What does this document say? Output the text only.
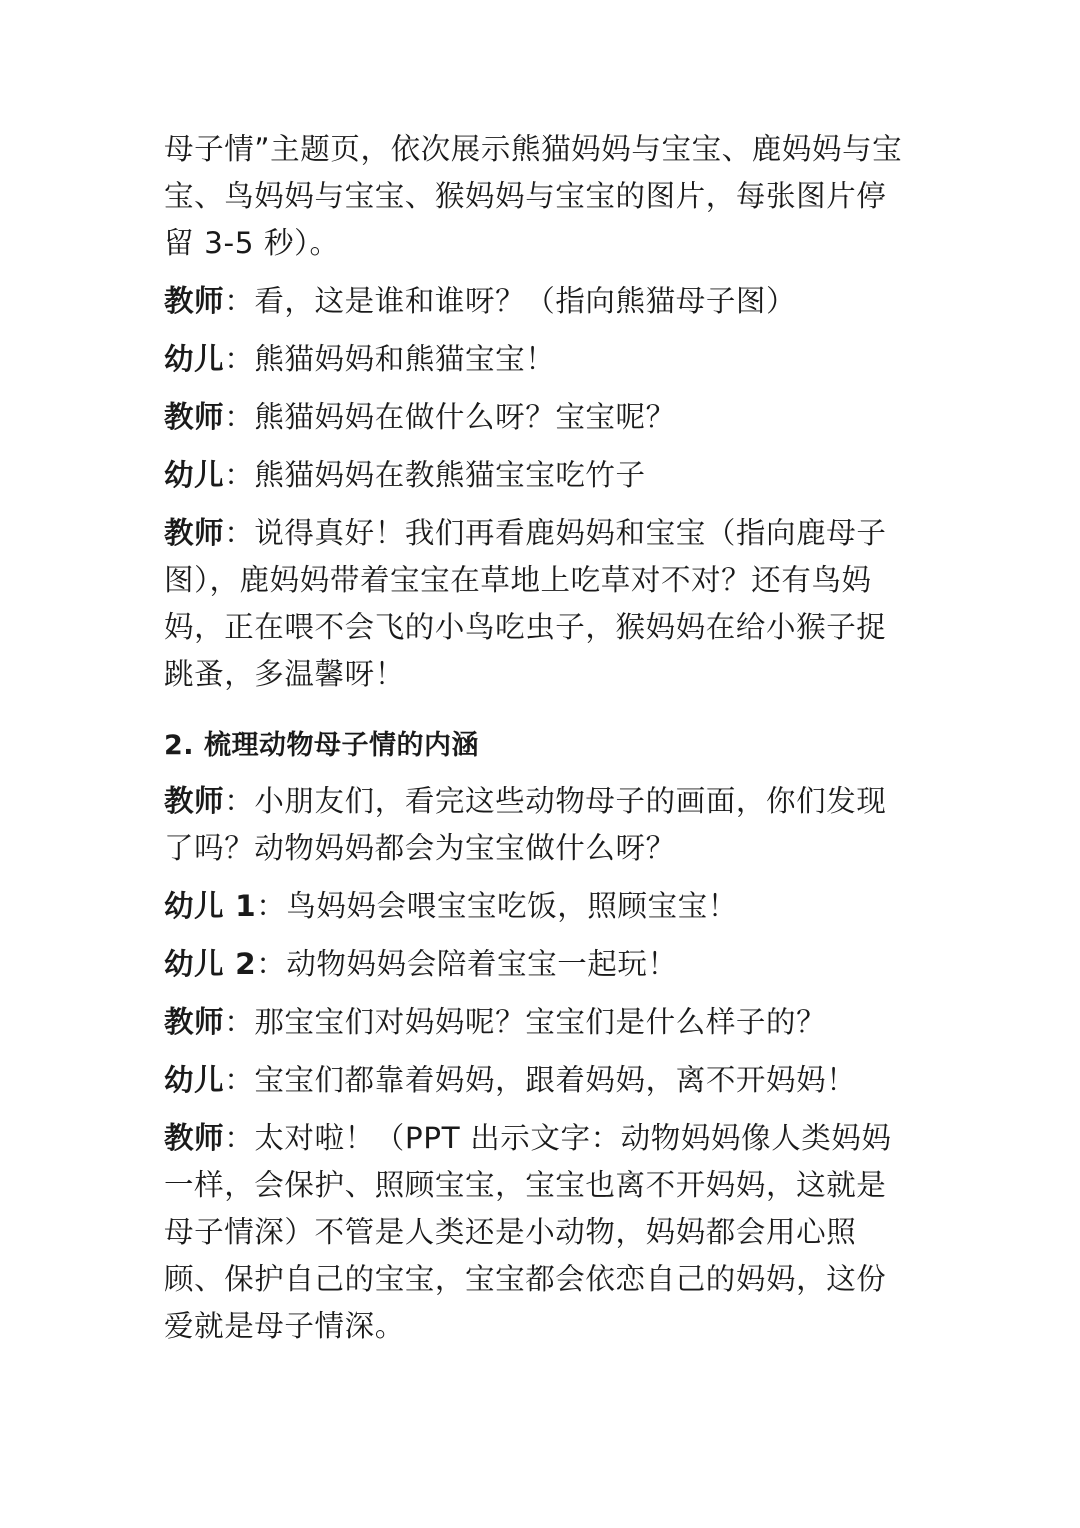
母子情”主题页，依次展示熊猫妈妈与宝宝、鹿妈妈与宝宝、鸟妈妈与宝宝、猴妈妈与宝宝的图片，每张图片停留 3-5 秒）。

教师：看，这是谁和谁呀？（指向熊猫母子图）

幼儿：熊猫妈妈和熊猫宝宝！

教师：熊猫妈妈在做什么呀？宝宝呢？

幼儿：熊猫妈妈在教熊猫宝宝吃竹子

教师：说得真好！我们再看鹿妈妈和宝宝（指向鹿母子图），鹿妈妈带着宝宝在草地上吃草对不对？还有鸟妈妈，正在喂不会飞的小鸟吃虫子，猴妈妈在给小猴子捉跳蚤，多温馨呀！

2. 梳理动物母子情的内涵

教师：小朋友们，看完这些动物母子的画面，你们发现了吗？动物妈妈都会为宝宝做什么呀？

幼儿 1：鸟妈妈会喂宝宝吃饭，照顾宝宝！

幼儿 2：动物妈妈会陪着宝宝一起玩！

教师：那宝宝们对妈妈呢？宝宝们是什么样子的？

幼儿：宝宝们都靠着妈妈，跟着妈妈，离不开妈妈！

教师：太对啦！（PPT 出示文字：动物妈妈像人类妈妈一样，会保护、照顾宝宝，宝宝也离不开妈妈，这就是母子情深）不管是人类还是小动物，妈妈都会用心照顾、保护自己的宝宝，宝宝都会依恋自己的妈妈，这份爱就是母子情深。
